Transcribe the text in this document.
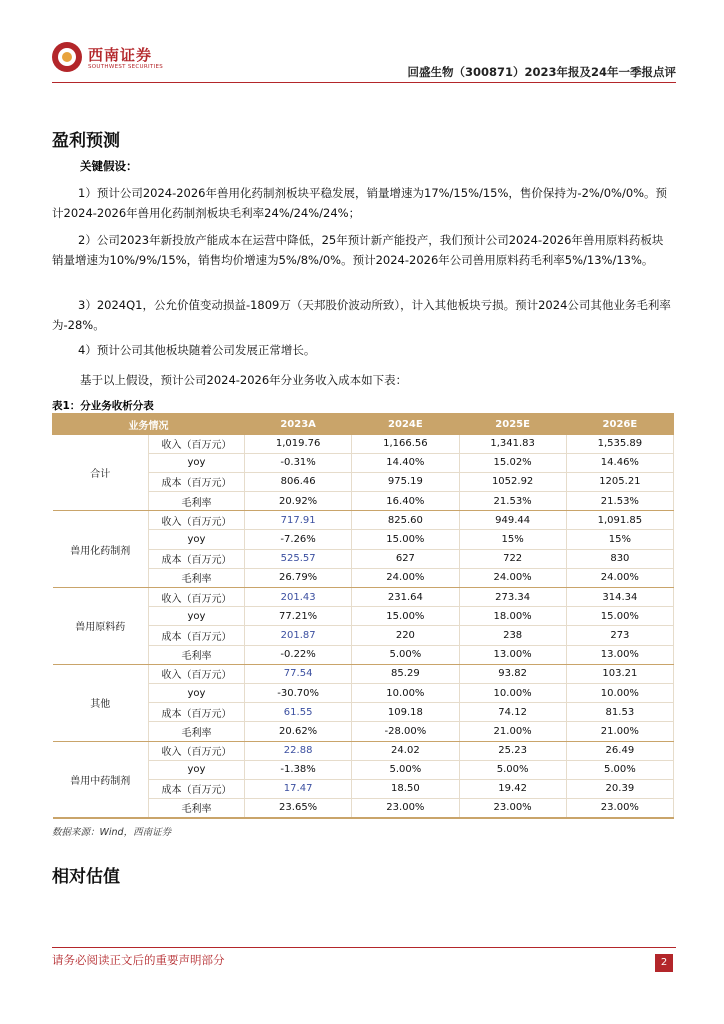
西南证券
SOUTHWEST SECURITIES	回盛生物（300871）2023年报及24年一季报点评
盈利预测
关键假设：
1）预计公司2024-2026年兽用化药制剂板块平稳发展，销量增速为17%/15%/15%，售价保持为-2%/0%/0%。预计2024-2026年兽用化药制剂板块毛利率24%/24%/24%；
2）公司2023年新投放产能成本在运营中降低，25年预计新产能投产，我们预计公司2024-2026年兽用原料药板块销量增速为10%/9%/15%，销售均价增速为5%/8%/0%。预计2024-2026年公司兽用原料药毛利率5%/13%/13%。
3）2024Q1，公允价值变动损益-1809万（天邦股价波动所致），计入其他板块亏损。预计2024公司其他业务毛利率为-28%。
4）预计公司其他板块随着公司发展正常增长。
基于以上假设，预计公司2024-2026年分业务收入成本如下表：
表1：分业务收析分表
业务情况		2023A	2024E	2025E	2026E
合计	收入（百万元）	1,019.76	1,166.56	1,341.83	1,535.89
	yoy	-0.31%	14.40%	15.02%	14.46%
	成本（百万元）	806.46	975.19	1052.92	1205.21
	毛利率	20.92%	16.40%	21.53%	21.53%
兽用化药制剂	收入（百万元）	717.91	825.60	949.44	1,091.85
	yoy	-7.26%	15.00%	15%	15%
	成本（百万元）	525.57	627	722	830
	毛利率	26.79%	24.00%	24.00%	24.00%
兽用原料药	收入（百万元）	201.43	231.64	273.34	314.34
	yoy	77.21%	15.00%	18.00%	15.00%
	成本（百万元）	201.87	220	238	273
	毛利率	-0.22%	5.00%	13.00%	13.00%
其他	收入（百万元）	77.54	85.29	93.82	103.21
	yoy	-30.70%	10.00%	10.00%	10.00%
	成本（百万元）	61.55	109.18	74.12	81.53
	毛利率	20.62%	-28.00%	21.00%	21.00%
兽用中药制剂	收入（百万元）	22.88	24.02	25.23	26.49
	yoy	-1.38%	5.00%	5.00%	5.00%
	成本（百万元）	17.47	18.50	19.42	20.39
	毛利率	23.65%	23.00%	23.00%	23.00%
数据来源：Wind，西南证券
相对估值
请务必阅读正文后的重要声明部分	2
